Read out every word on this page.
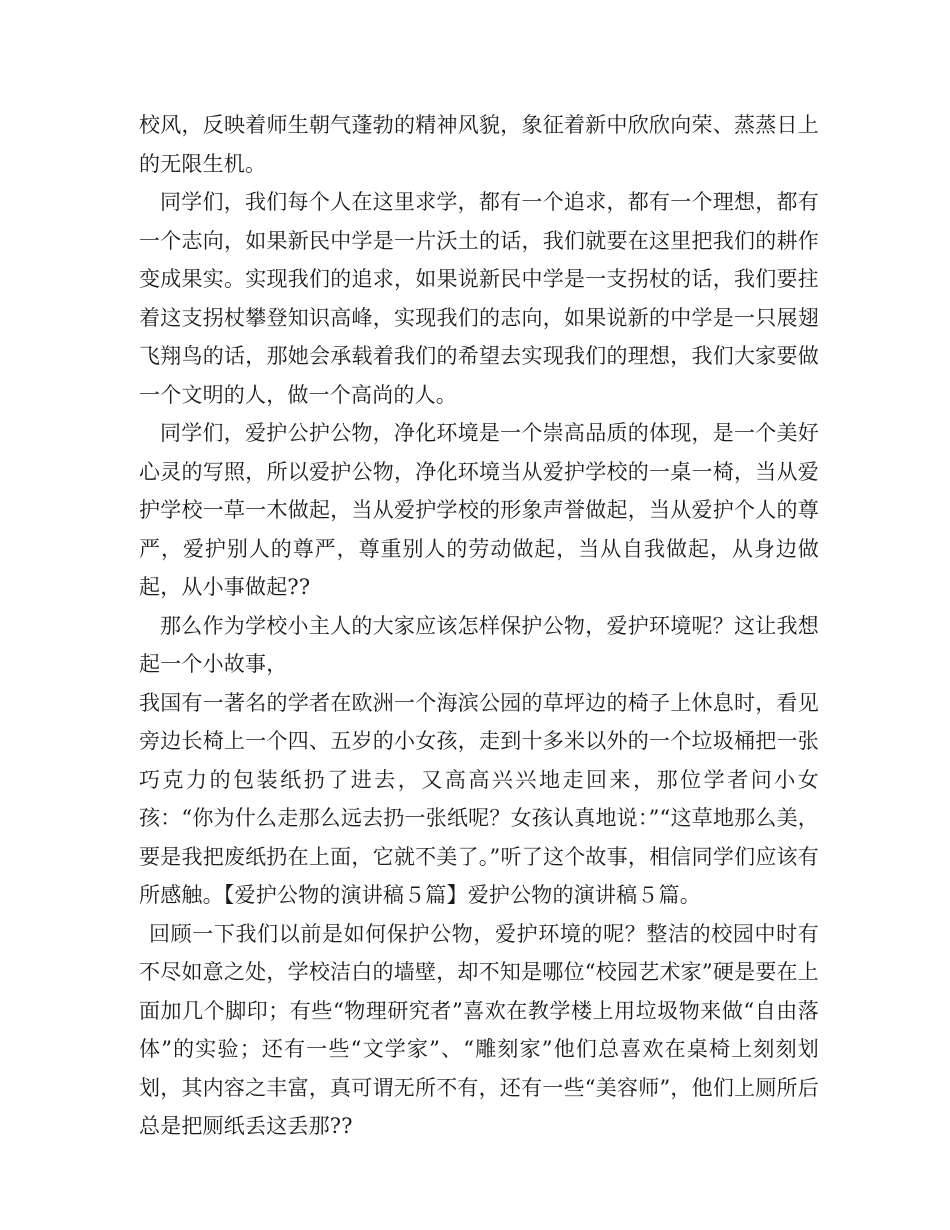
校风，反映着师生朝气蓬勃的精神风貌，象征着新中欣欣向荣、蒸蒸日上的无限生机。

同学们，我们每个人在这里求学，都有一个追求，都有一个理想，都有一个志向，如果新民中学是一片沃土的话，我们就要在这里把我们的耕作变成果实。实现我们的追求，如果说新民中学是一支拐杖的话，我们要拄着这支拐杖攀登知识高峰，实现我们的志向，如果说新的中学是一只展翅飞翔鸟的话，那她会承载着我们的希望去实现我们的理想，我们大家要做一个文明的人，做一个高尚的人。

同学们，爱护公护公物，净化环境是一个崇高品质的体现，是一个美好心灵的写照，所以爱护公物，净化环境当从爱护学校的一桌一椅，当从爱护学校一草一木做起，当从爱护学校的形象声誉做起，当从爱护个人的尊严，爱护别人的尊严，尊重别人的劳动做起，当从自我做起，从身边做起，从小事做起??

那么作为学校小主人的大家应该怎样保护公物，爱护环境呢？这让我想起一个小故事，

我国有一著名的学者在欧洲一个海滨公园的草坪边的椅子上休息时，看见旁边长椅上一个四、五岁的小女孩，走到十多米以外的一个垃圾桶把一张巧克力的包装纸扔了进去，又高高兴兴地走回来，那位学者问小女孩：“你为什么走那么远去扔一张纸呢？女孩认真地说：”“这草地那么美，要是我把废纸扔在上面，它就不美了。”听了这个故事，相信同学们应该有所感触。【爱护公物的演讲稿５篇】爱护公物的演讲稿５篇。

回顾一下我们以前是如何保护公物，爱护环境的呢？整洁的校园中时有不尽如意之处，学校洁白的墙壁，却不知是哪位“校园艺术家”硬是要在上面加几个脚印；有些“物理研究者”喜欢在教学楼上用垃圾物来做“自由落体”的实验；还有一些“文学家”、“雕刻家”他们总喜欢在桌椅上刻刻划划，其内容之丰富，真可谓无所不有，还有一些“美容师”，他们上厕所后总是把厕纸丢这丢那??
